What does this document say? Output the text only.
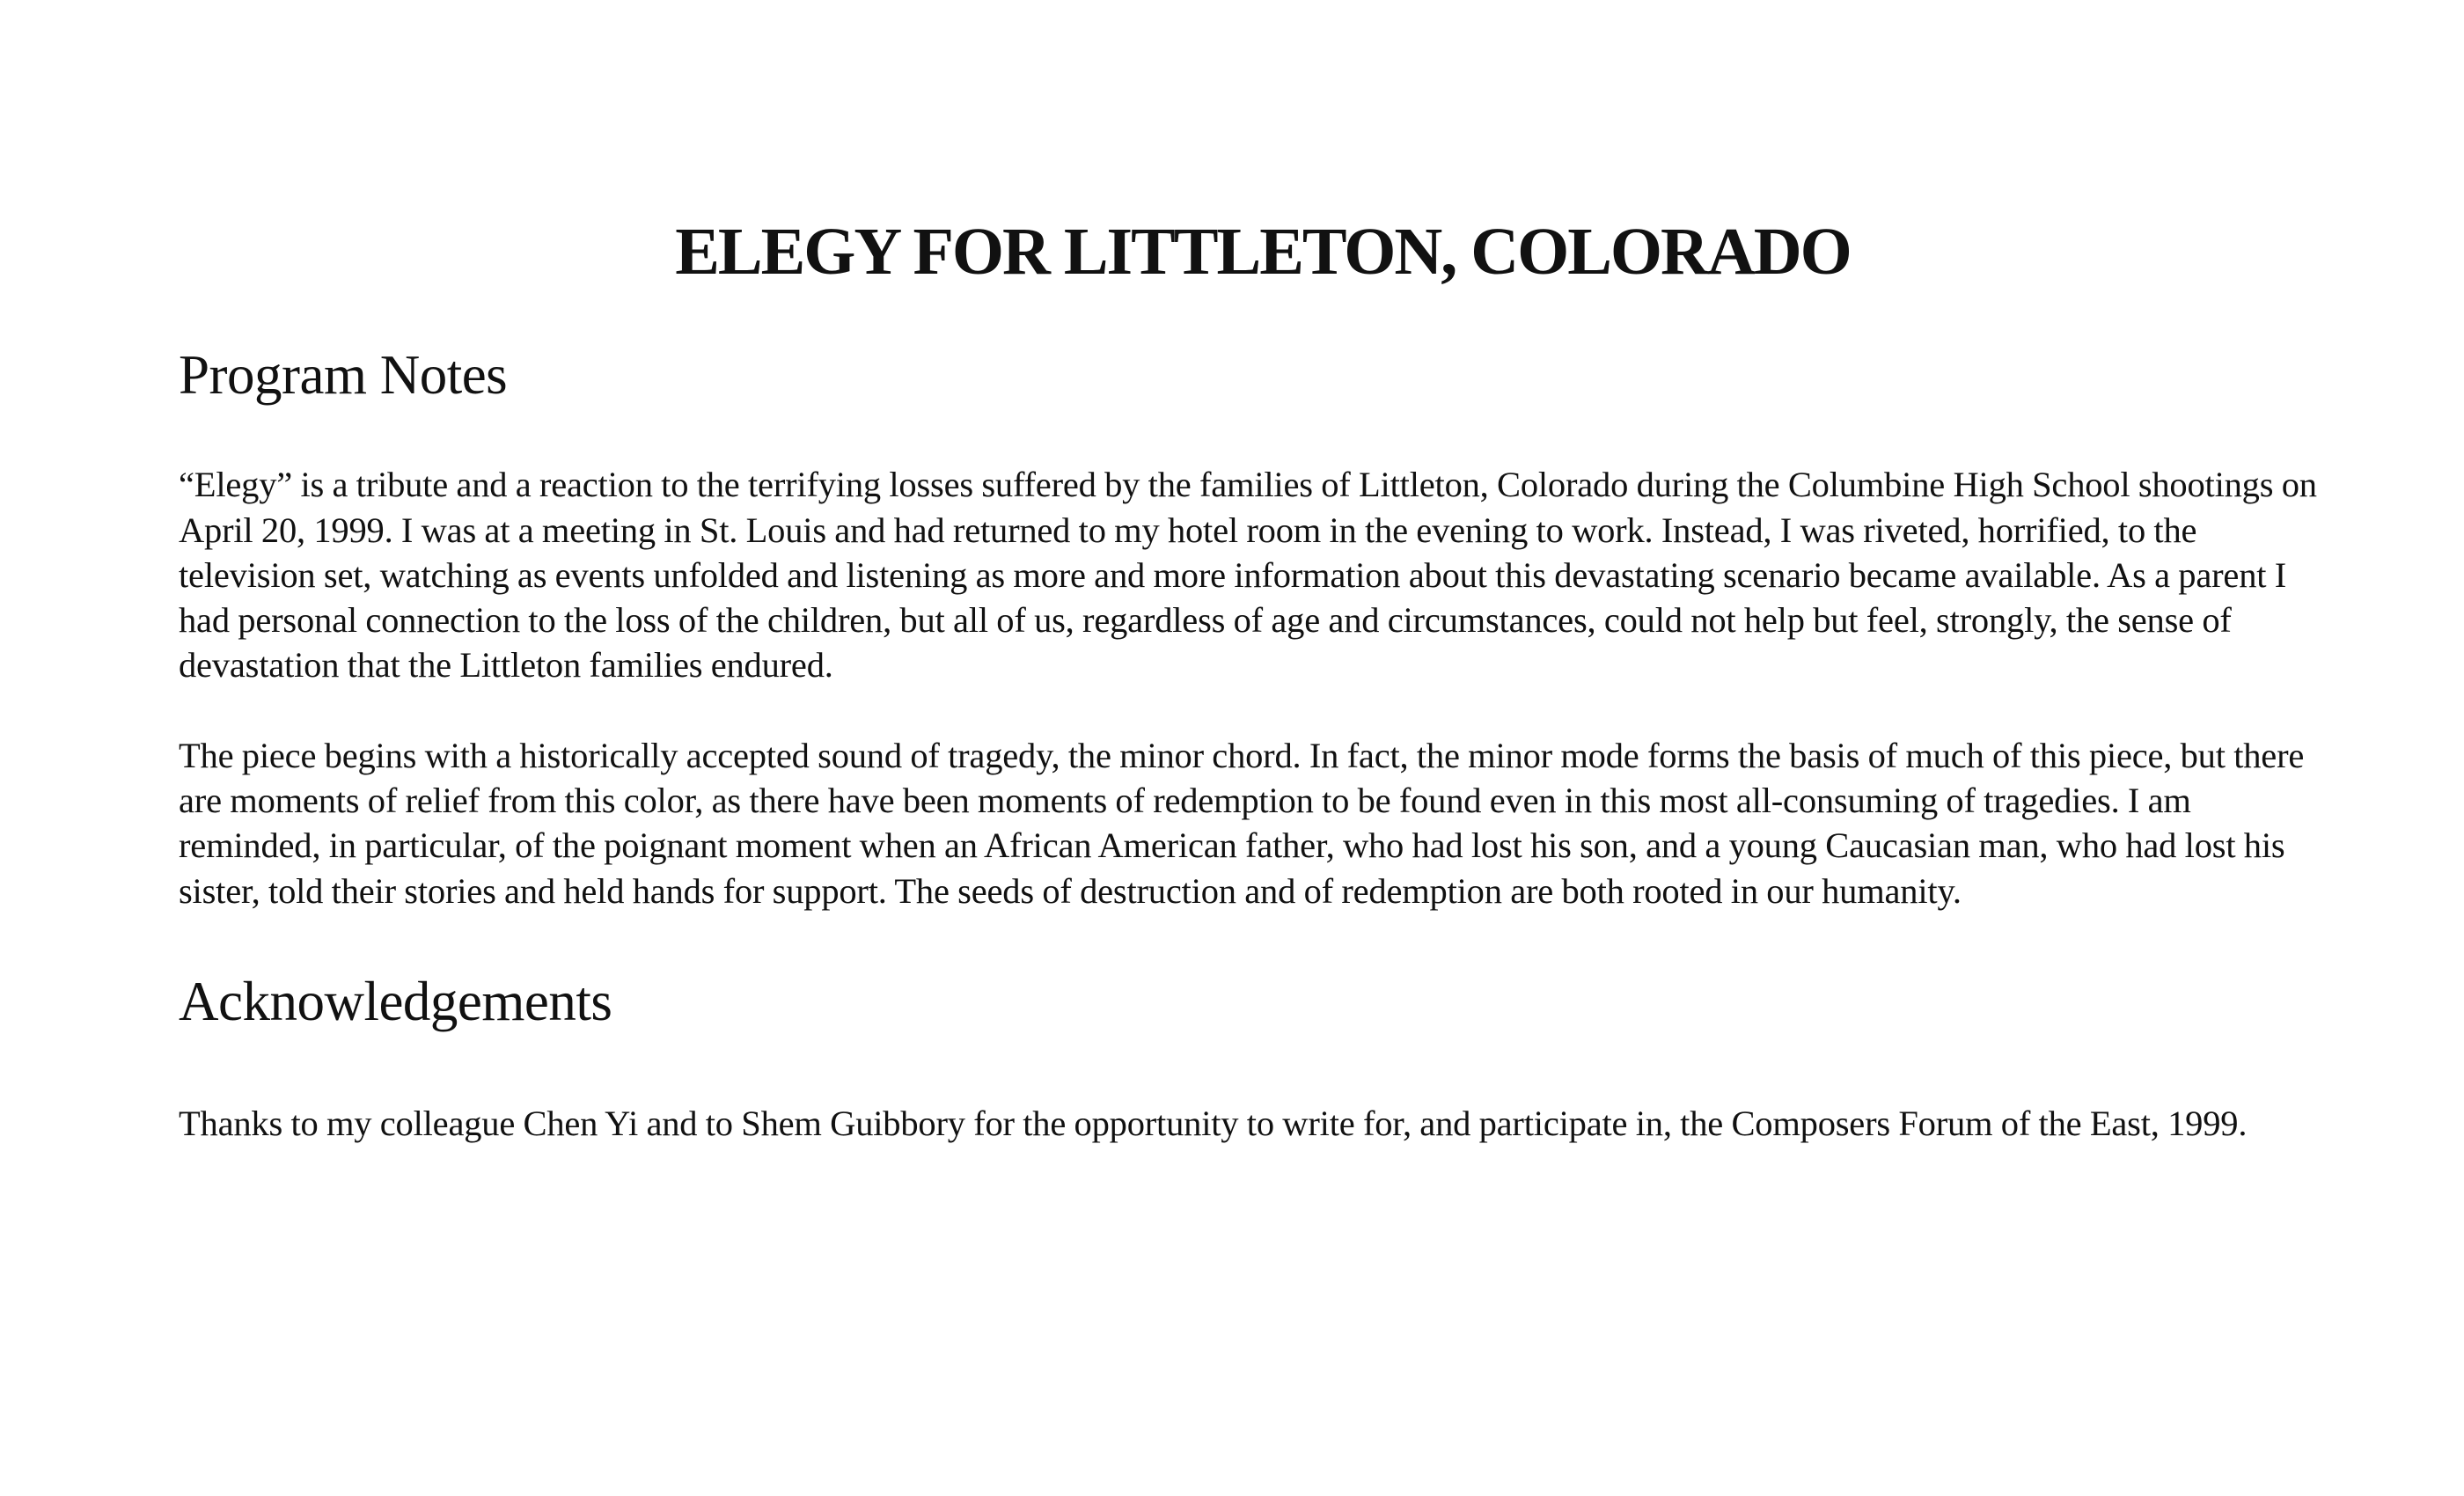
ELEGY FOR LITTLETON, COLORADO
Program Notes

“Elegy” is a tribute and a reaction to the terrifying losses suffered by the families of Littleton, Colorado during the Columbine High School shootings on April 20, 1999. I was at a meeting in St. Louis and had returned to my hotel room in the evening to work. Instead, I was riveted, horrified, to the television set, watching as events unfolded and listening as more and more information about this devastating scenario became available. As a parent I had personal connection to the loss of the children, but all of us, regardless of age and circumstances, could not help but feel, strongly, the sense of devastation that the Littleton families endured.

The piece begins with a historically accepted sound of tragedy, the minor chord. In fact, the minor mode forms the basis of much of this piece, but there are moments of relief from this color, as there have been moments of redemption to be found even in this most all-consuming of tragedies. I am reminded, in particular, of the poignant moment when an African American father, who had lost his son, and a young Caucasian man, who had lost his sister, told their stories and held hands for support. The seeds of destruction and of redemption are both rooted in our humanity.

Acknowledgements

Thanks to my colleague Chen Yi and to Shem Guibbory for the opportunity to write for, and participate in, the Composers Forum of the East, 1999.
